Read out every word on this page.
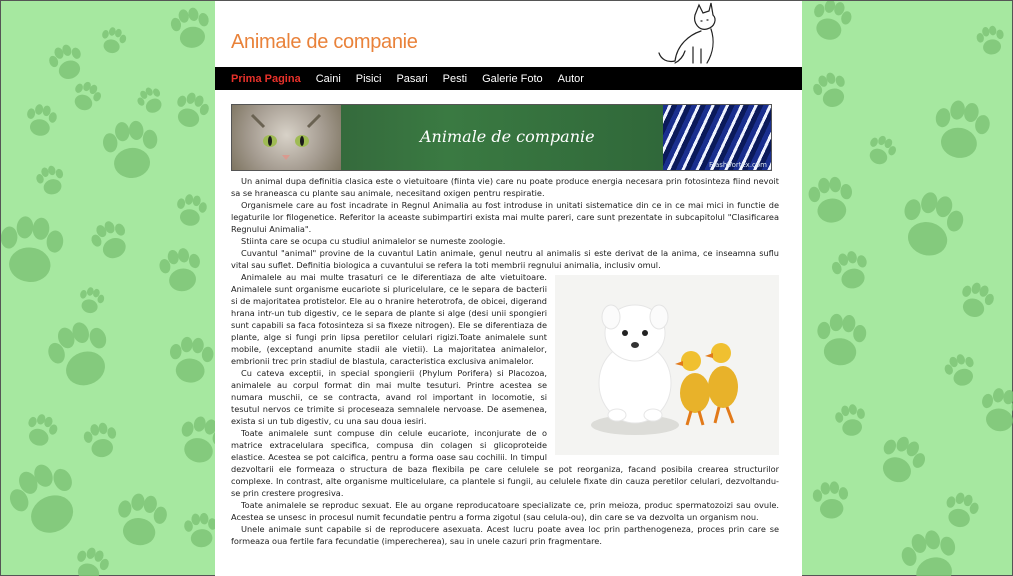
Animale de companie
Prima Pagina Caini Pisici Pasari Pesti Galerie Foto Autor
Animale de companie
FlashVortex.com

Un animal dupa definitia clasica este o vietuitoare (fiinta vie) care nu poate produce energia necesara prin fotosinteza fiind nevoit sa se hraneasca cu plante sau animale, necesitand oxigen pentru respiratie.

Organismele care au fost incadrate in Regnul Animalia au fost introduse in unitati sistematice din ce in ce mai mici in functie de legaturile lor filogenetice. Referitor la aceaste subimpartiri exista mai multe pareri, care sunt prezentate in subcapitolul "Clasificarea Regnului Animalia".

Stiinta care se ocupa cu studiul animalelor se numeste zoologie.

Cuvantul "animal" provine de la cuvantul Latin animale, genul neutru al animalis si este derivat de la anima, ce inseamna suflu vital sau suflet. Definitia biologica a cuvantului se refera la toti membrii regnului animalia, inclusiv omul.

Animalele au mai multe trasaturi ce le diferentiaza de alte vietuitoare. Animalele sunt organisme eucariote si pluricelulare, ce le separa de bacterii si de majoritatea protistelor. Ele au o hranire heterotrofa, de obicei, digerand hrana intr-un tub digestiv, ce le separa de plante si alge (desi unii spongieri sunt capabili sa faca fotosinteza si sa fixeze nitrogen). Ele se diferentiaza de plante, alge si fungi prin lipsa peretilor celulari rigizi.Toate animalele sunt mobile, (exceptand anumite stadii ale vietii). La majoritatea animalelor, embrionii trec prin stadiul de blastula, caracteristica exclusiva animalelor.

Cu cateva exceptii, in special spongierii (Phylum Porifera) si Placozoa, animalele au corpul format din mai multe tesuturi. Printre acestea se numara muschii, ce se contracta, avand rol important in locomotie, si tesutul nervos ce trimite si proceseaza semnalele nervoase. De asemenea, exista si un tub digestiv, cu una sau doua iesiri.

Toate animalele sunt compuse din celule eucariote, inconjurate de o matrice extracelulara specifica, compusa din colagen si glicoproteide elastice. Acestea se pot calcifica, pentru a forma oase sau cochilii. In timpul dezvoltarii ele formeaza o structura de baza flexibila pe care celulele se pot reorganiza, facand posibila crearea structurilor complexe. In contrast, alte organisme multicelulare, ca plantele si fungii, au celulele fixate din cauza peretilor celulari, dezvoltandu-se prin crestere progresiva.

Toate animalele se reproduc sexuat. Ele au organe reproducatoare specializate ce, prin meioza, produc spermatozoizi sau ovule. Acestea se unsesc in procesul numit fecundatie pentru a forma zigotul (sau celula-ou), din care se va dezvolta un organism nou.

Unele animale sunt capabile si de reproducere asexuata. Acest lucru poate avea loc prin parthenogeneza, proces prin care se formeaza oua fertile fara fecundatie (imperecherea), sau in unele cazuri prin fragmentare.
